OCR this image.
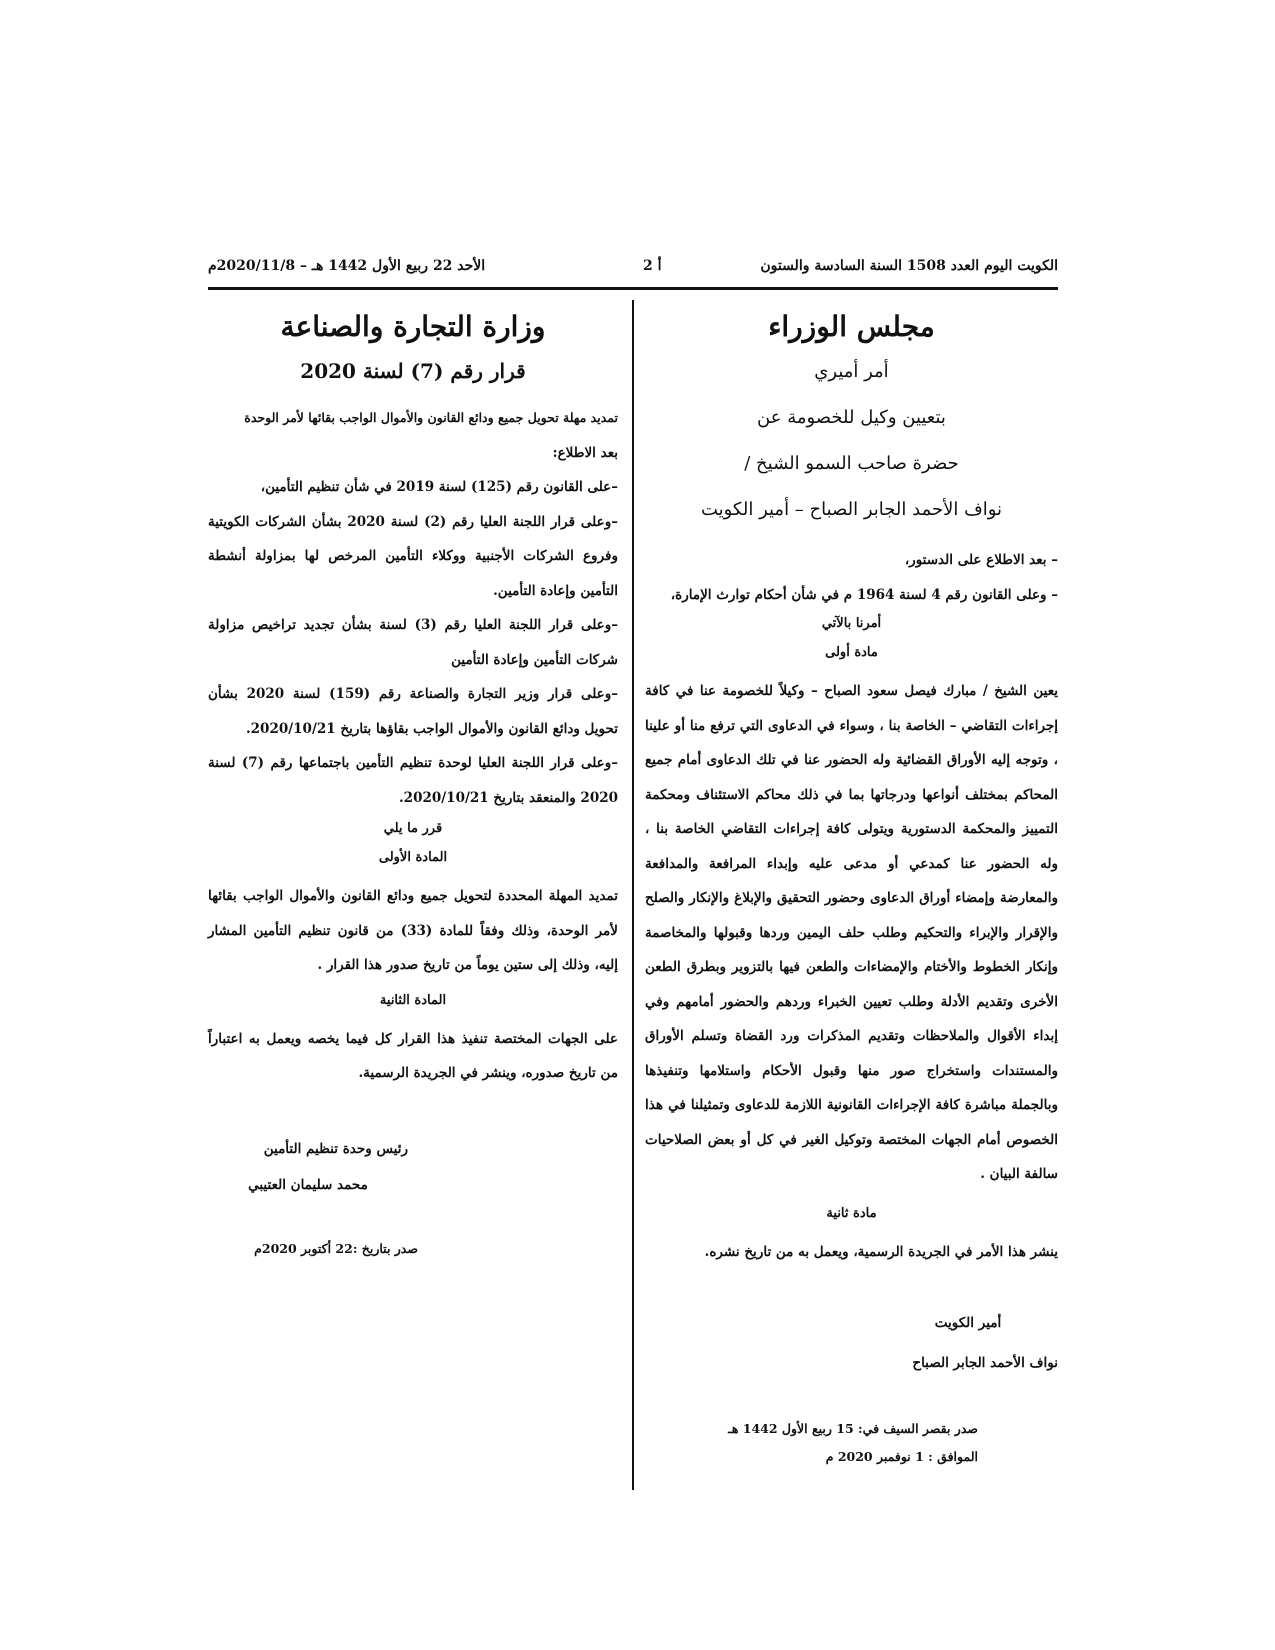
الأحد 22 ربيع الأول 1442 هـ – 2020/11/8م	2 أ	الكويت اليوم العدد 1508 السنة السادسة والستون
مجلس الوزراء
أمر أميري
بتعيين وكيل للخصومة عن
حضرة صاحب السمو الشيخ /
نواف الأحمد الجابر الصباح – أمير الكويت

– بعد الاطلاع على الدستور،

– وعلى القانون رقم 4 لسنة 1964 م في شأن أحكام توارث الإمارة،

أمرنا بالآتي
مادة أولى

يعين الشيخ / مبارك فيصل سعود الصباح – وكيلاً للخصومة عنا في كافة إجراءات التقاضي – الخاصة بنا ، وسواء في الدعاوى التي ترفع منا أو علينا ، وتوجه إليه الأوراق القضائية وله الحضور عنا في تلك الدعاوى أمام جميع المحاكم بمختلف أنواعها ودرجاتها بما في ذلك محاكم الاستئناف ومحكمة التمييز والمحكمة الدستورية ويتولى كافة إجراءات التقاضي الخاصة بنا ، وله الحضور عنا كمدعي أو مدعى عليه وإبداء المرافعة والمدافعة والمعارضة وإمضاء أوراق الدعاوى وحضور التحقيق والإبلاغ والإنكار والصلح والإقرار والإبراء والتحكيم وطلب حلف اليمين وردها وقبولها والمخاصمة وإنكار الخطوط والأختام والإمضاءات والطعن فيها بالتزوير وبطرق الطعن الأخرى وتقديم الأدلة وطلب تعيين الخبراء وردهم والحضور أمامهم وفي إبداء الأقوال والملاحظات وتقديم المذكرات ورد القضاة وتسلم الأوراق والمستندات واستخراج صور منها وقبول الأحكام واستلامها وتنفيذها وبالجملة مباشرة كافة الإجراءات القانونية اللازمة للدعاوى وتمثيلنا في هذا الخصوص أمام الجهات المختصة وتوكيل الغير في كل أو بعض الصلاحيات سالفة البيان .

مادة ثانية

ينشر هذا الأمر في الجريدة الرسمية، ويعمل به من تاريخ نشره.

أمير الكويت

نواف الأحمد الجابر الصباح

صدر بقصر السيف في: 15 ربيع الأول 1442 هـ

الموافق : 1 نوفمبر 2020 م

وزارة التجارة والصناعة
قرار رقم (7) لسنة 2020

تمديد مهلة تحويل جميع ودائع القانون والأموال الواجب بقائها لأمر الوحدة

بعد الاطلاع:

–على القانون رقم (125) لسنة 2019 في شأن تنظيم التأمين،

–وعلى قرار اللجنة العليا رقم (2) لسنة 2020 بشأن الشركات الكويتية وفروع الشركات الأجنبية ووكلاء التأمين المرخص لها بمزاولة أنشطة التأمين وإعادة التأمين.

–وعلى قرار اللجنة العليا رقم (3) لسنة بشأن تجديد تراخيص مزاولة شركات التأمين وإعادة التأمين

–وعلى قرار وزير التجارة والصناعة رقم (159) لسنة 2020 بشأن تحويل ودائع القانون والأموال الواجب بقاؤها بتاريخ 2020/10/21.

–وعلى قرار اللجنة العليا لوحدة تنظيم التأمين باجتماعها رقم (7) لسنة 2020 والمنعقد بتاريخ 2020/10/21.

قرر ما يلي
المادة الأولى

تمديد المهلة المحددة لتحويل جميع ودائع القانون والأموال الواجب بقائها لأمر الوحدة، وذلك وفقاً للمادة (33) من قانون تنظيم التأمين المشار إليه، وذلك إلى ستين يوماً من تاريخ صدور هذا القرار .

المادة الثانية

على الجهات المختصة تنفيذ هذا القرار كل فيما يخصه ويعمل به اعتباراً من تاريخ صدوره، وينشر في الجريدة الرسمية.

رئيس وحدة تنظيم التأمين

محمد سليمان العتيبي

صدر بتاريخ :22 أكتوبر 2020م
